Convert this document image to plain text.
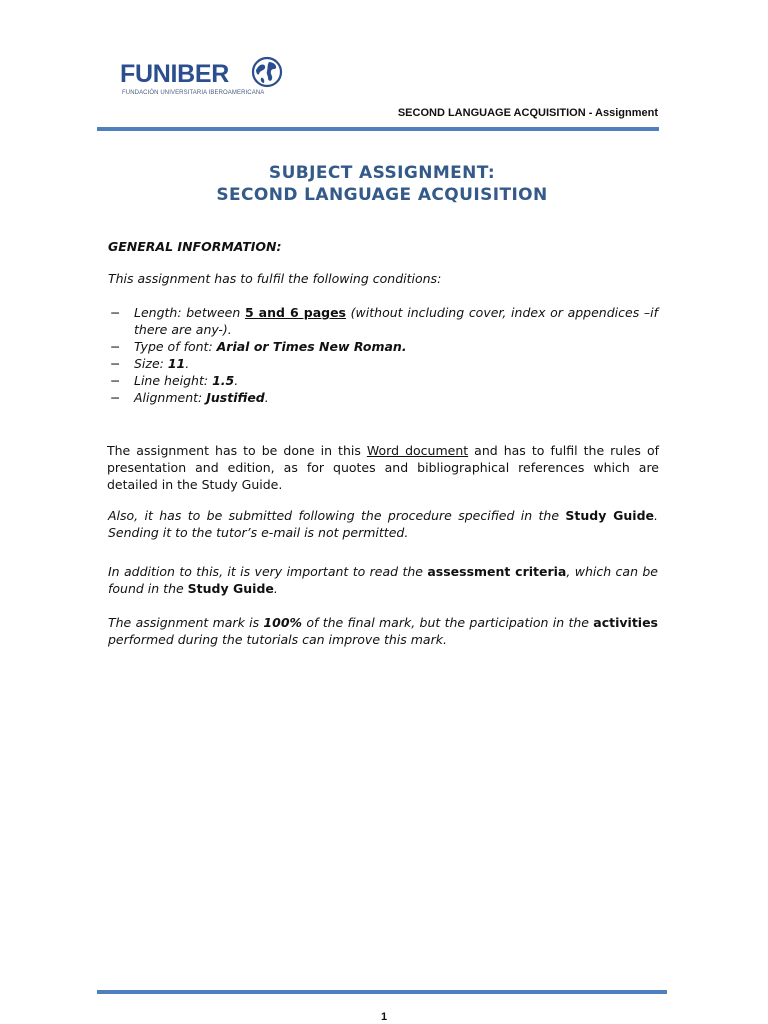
FUNIBER
FUNDACIÓN UNIVERSITARIA IBEROAMERICANA
SECOND LANGUAGE ACQUISITION - Assignment
SUBJECT ASSIGNMENT:
SECOND LANGUAGE ACQUISITION
GENERAL INFORMATION:
This assignment has to fulfil the following conditions:
− Length: between 5 and 6 pages (without including cover, index or appendices –if there are any-).
− Type of font: Arial or Times New Roman.
− Size: 11.
− Line height: 1.5.
− Alignment: Justified.
The assignment has to be done in this Word document and has to fulfil the rules of presentation and edition, as for quotes and bibliographical references which are detailed in the Study Guide.
Also, it has to be submitted following the procedure specified in the Study Guide. Sending it to the tutor’s e-mail is not permitted.
In addition to this, it is very important to read the assessment criteria, which can be found in the Study Guide.
The assignment mark is 100% of the final mark, but the participation in the activities performed during the tutorials can improve this mark.
1
